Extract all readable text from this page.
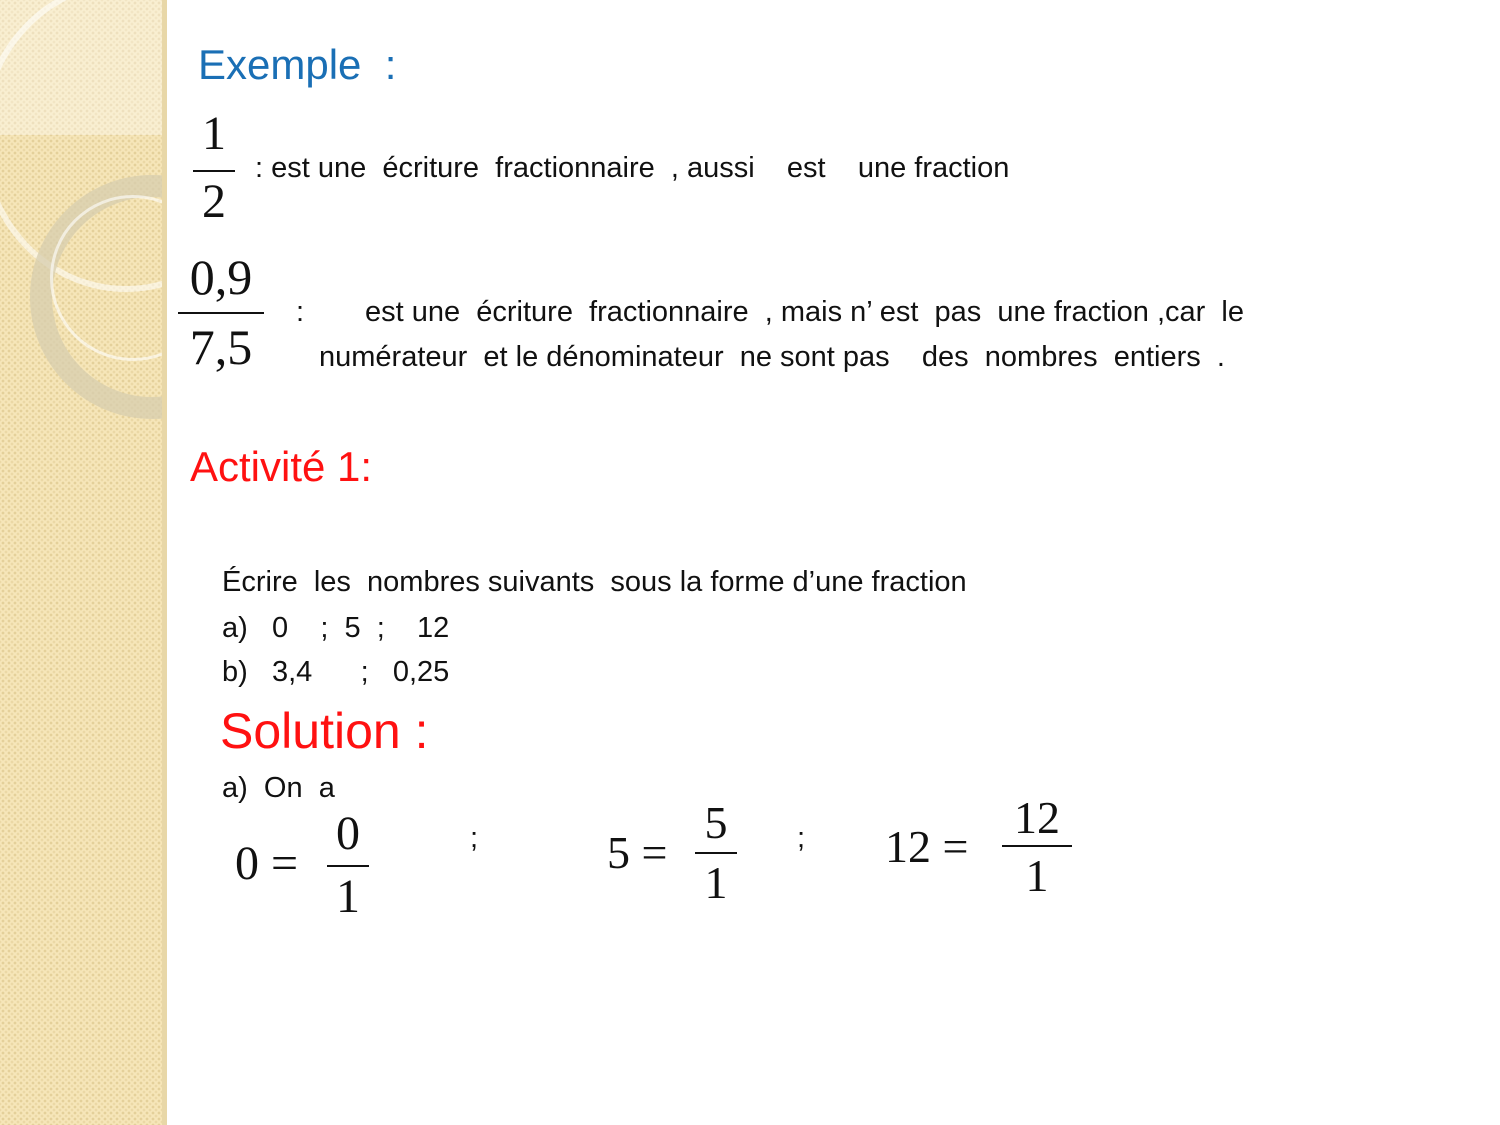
Exemple  :
1
2
: est une  écriture  fractionnaire  , aussi    est    une fraction
0,9
7,5
: est une  écriture  fractionnaire  , mais n’ est  pas  une fraction ,car  le
numérateur  et le dénominateur  ne sont pas    des  nombres  entiers  .
Activité 1:
Écrire  les  nombres suivants  sous la forme d’une fraction
a)   0    ;  5  ;    12
b)   3,4      ;   0,25
Solution :
a)  On  a
0 =
0
1
;	5 =
5
1
; 12 =
12
1
